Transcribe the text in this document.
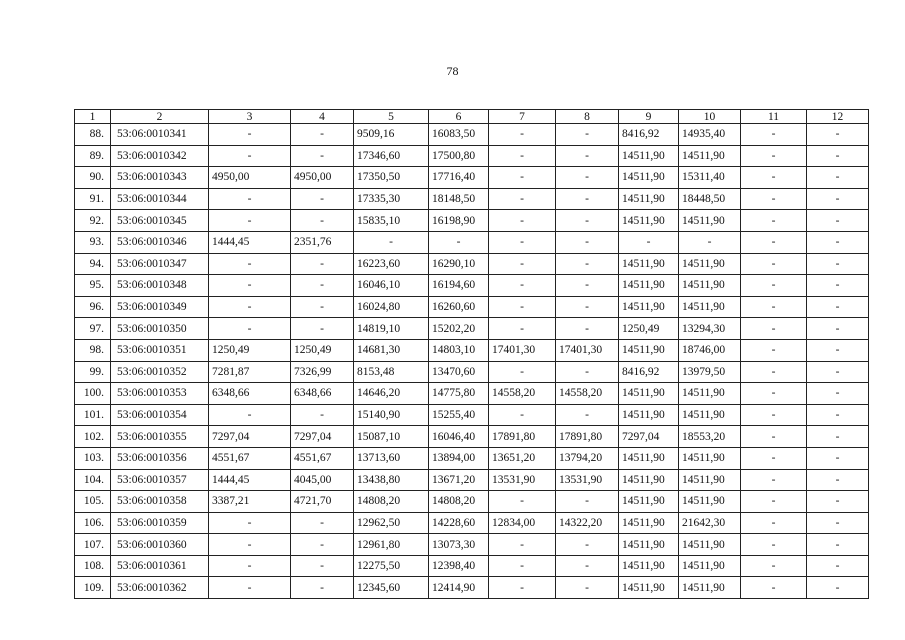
78
1	2	3	4	5	6	7	8	9	10	11	12
88.	53:06:0010341	-	-	9509,16	16083,50	-	-	8416,92	14935,40	-	-
89.	53:06:0010342	-	-	17346,60	17500,80	-	-	14511,90	14511,90	-	-
90.	53:06:0010343	4950,00	4950,00	17350,50	17716,40	-	-	14511,90	15311,40	-	-
91.	53:06:0010344	-	-	17335,30	18148,50	-	-	14511,90	18448,50	-	-
92.	53:06:0010345	-	-	15835,10	16198,90	-	-	14511,90	14511,90	-	-
93.	53:06:0010346	1444,45	2351,76	-	-	-	-	-	-	-	-
94.	53:06:0010347	-	-	16223,60	16290,10	-	-	14511,90	14511,90	-	-
95.	53:06:0010348	-	-	16046,10	16194,60	-	-	14511,90	14511,90	-	-
96.	53:06:0010349	-	-	16024,80	16260,60	-	-	14511,90	14511,90	-	-
97.	53:06:0010350	-	-	14819,10	15202,20	-	-	1250,49	13294,30	-	-
98.	53:06:0010351	1250,49	1250,49	14681,30	14803,10	17401,30	17401,30	14511,90	18746,00	-	-
99.	53:06:0010352	7281,87	7326,99	8153,48	13470,60	-	-	8416,92	13979,50	-	-
100.	53:06:0010353	6348,66	6348,66	14646,20	14775,80	14558,20	14558,20	14511,90	14511,90	-	-
101.	53:06:0010354	-	-	15140,90	15255,40	-	-	14511,90	14511,90	-	-
102.	53:06:0010355	7297,04	7297,04	15087,10	16046,40	17891,80	17891,80	7297,04	18553,20	-	-
103.	53:06:0010356	4551,67	4551,67	13713,60	13894,00	13651,20	13794,20	14511,90	14511,90	-	-
104.	53:06:0010357	1444,45	4045,00	13438,80	13671,20	13531,90	13531,90	14511,90	14511,90	-	-
105.	53:06:0010358	3387,21	4721,70	14808,20	14808,20	-	-	14511,90	14511,90	-	-
106.	53:06:0010359	-	-	12962,50	14228,60	12834,00	14322,20	14511,90	21642,30	-	-
107.	53:06:0010360	-	-	12961,80	13073,30	-	-	14511,90	14511,90	-	-
108.	53:06:0010361	-	-	12275,50	12398,40	-	-	14511,90	14511,90	-	-
109.	53:06:0010362	-	-	12345,60	12414,90	-	-	14511,90	14511,90	-	-
